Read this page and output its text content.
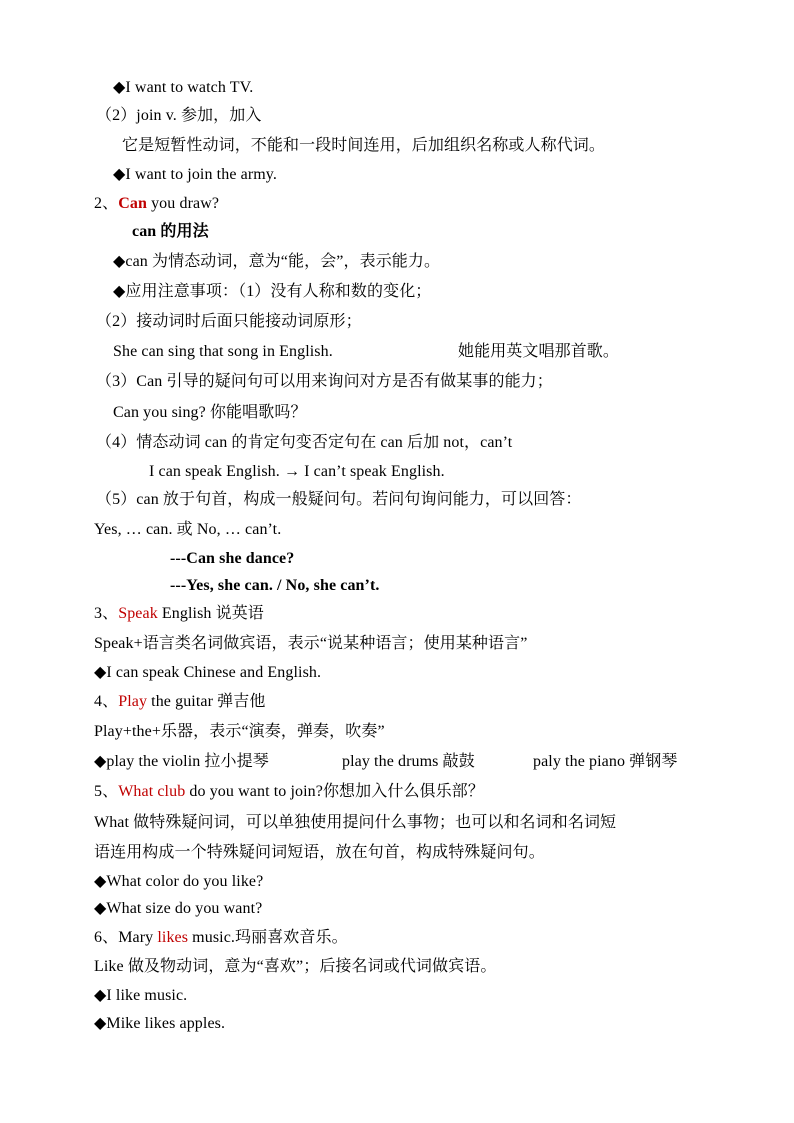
◆I want to watch TV.
（2）join v. 参加，加入
它是短暂性动词，不能和一段时间连用，后加组织名称或人称代词。
◆I want to join the army.
2、Can you draw?
can 的用法
◆can 为情态动词，意为“能，会”，表示能力。
◆应用注意事项：（1）没有人称和数的变化；
（2）接动词时后面只能接动词原形；
She can sing that song in English.	她能用英文唱那首歌。
（3）Can 引导的疑问句可以用来询问对方是否有做某事的能力；
Can you sing? 你能唱歌吗？
（4）情态动词 can 的肯定句变否定句在 can 后加 not，can’t
I can speak English. → I can’t speak English.
（5）can 放于句首，构成一般疑问句。若问句询问能力，可以回答：
Yes, … can. 或 No, … can’t.
---Can she dance?
---Yes, she can. / No, she can’t.
3、Speak English 说英语
Speak+语言类名词做宾语，表示“说某种语言；使用某种语言”
◆I can speak Chinese and English.
4、Play the guitar 弹吉他
Play+the+乐器，表示“演奏，弹奏，吹奏”
◆play the violin 拉小提琴	play the drums 敲鼓	paly the piano 弹钢琴
5、What club do you want to join?你想加入什么俱乐部？
What 做特殊疑问词，可以单独使用提问什么事物；也可以和名词和名词短
语连用构成一个特殊疑问词短语，放在句首，构成特殊疑问句。
◆What color do you like?
◆What size do you want?
6、Mary likes music.玛丽喜欢音乐。
Like 做及物动词，意为“喜欢”；后接名词或代词做宾语。
◆I like music.
◆Mike likes apples.
